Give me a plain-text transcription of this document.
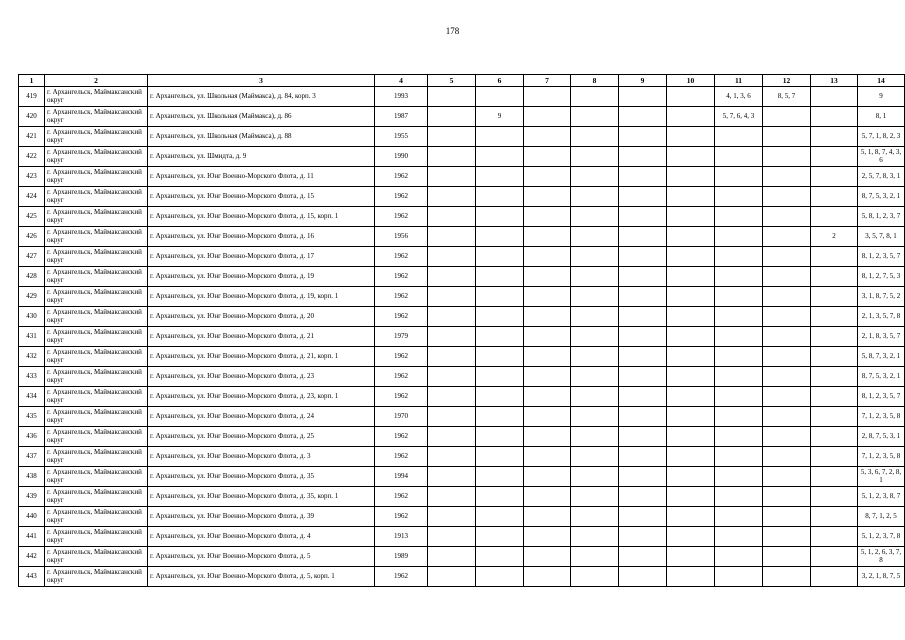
178
1	2	3	4	5	6	7	8	9	10	11	12	13	14
419	г. Архангельск, Маймаксанский округ	г. Архангельск, ул. Школьная (Маймакса), д. 84, корп. 3	1993							4, 1, 3, 6	8, 5, 7		9
420	г. Архангельск, Маймаксанский округ	г. Архангельск, ул. Школьная (Маймакса), д. 86	1987		9					5, 7, 6, 4, 3			8, 1
421	г. Архангельск, Маймаксанский округ	г. Архангельск, ул. Школьная (Маймакса), д. 88	1955										5, 7, 1, 8, 2, 3
422	г. Архангельск, Маймаксанский округ	г. Архангельск, ул. Шмидта, д. 9	1990										5, 1, 8, 7, 4, 3, 6
423	г. Архангельск, Маймаксанский округ	г. Архангельск, ул. Юнг Военно-Морского Флота, д. 11	1962										2, 5, 7, 8, 3, 1
424	г. Архангельск, Маймаксанский округ	г. Архангельск, ул. Юнг Военно-Морского Флота, д. 15	1962										8, 7, 5, 3, 2, 1
425	г. Архангельск, Маймаксанский округ	г. Архангельск, ул. Юнг Военно-Морского Флота, д. 15, корп. 1	1962										5, 8, 1, 2, 3, 7
426	г. Архангельск, Маймаксанский округ	г. Архангельск, ул. Юнг Военно-Морского Флота, д. 16	1956									2	3, 5, 7, 8, 1
427	г. Архангельск, Маймаксанский округ	г. Архангельск, ул. Юнг Военно-Морского Флота, д. 17	1962										8, 1, 2, 3, 5, 7
428	г. Архангельск, Маймаксанский округ	г. Архангельск, ул. Юнг Военно-Морского Флота, д. 19	1962										8, 1, 2, 7, 5, 3
429	г. Архангельск, Маймаксанский округ	г. Архангельск, ул. Юнг Военно-Морского Флота, д. 19, корп. 1	1962										3, 1, 8, 7, 5, 2
430	г. Архангельск, Маймаксанский округ	г. Архангельск, ул. Юнг Военно-Морского Флота, д. 20	1962										2, 1, 3, 5, 7, 8
431	г. Архангельск, Маймаксанский округ	г. Архангельск, ул. Юнг Военно-Морского Флота, д. 21	1979										2, 1, 8, 3, 5, 7
432	г. Архангельск, Маймаксанский округ	г. Архангельск, ул. Юнг Военно-Морского Флота, д. 21, корп. 1	1962										5, 8, 7, 3, 2, 1
433	г. Архангельск, Маймаксанский округ	г. Архангельск, ул. Юнг Военно-Морского Флота, д. 23	1962										8, 7, 5, 3, 2, 1
434	г. Архангельск, Маймаксанский округ	г. Архангельск, ул. Юнг Военно-Морского Флота, д. 23, корп. 1	1962										8, 1, 2, 3, 5, 7
435	г. Архангельск, Маймаксанский округ	г. Архангельск, ул. Юнг Военно-Морского Флота, д. 24	1970										7, 1, 2, 3, 5, 8
436	г. Архангельск, Маймаксанский округ	г. Архангельск, ул. Юнг Военно-Морского Флота, д. 25	1962										2, 8, 7, 5, 3, 1
437	г. Архангельск, Маймаксанский округ	г. Архангельск, ул. Юнг Военно-Морского Флота, д. 3	1962										7, 1, 2, 3, 5, 8
438	г. Архангельск, Маймаксанский округ	г. Архангельск, ул. Юнг Военно-Морского Флота, д. 35	1994										5, 3, 6, 7, 2, 8, 1
439	г. Архангельск, Маймаксанский округ	г. Архангельск, ул. Юнг Военно-Морского Флота, д. 35, корп. 1	1962										5, 1, 2, 3, 8, 7
440	г. Архангельск, Маймаксанский округ	г. Архангельск, ул. Юнг Военно-Морского Флота, д. 39	1962										8, 7, 1, 2, 5
441	г. Архангельск, Маймаксанский округ	г. Архангельск, ул. Юнг Военно-Морского Флота, д. 4	1913										5, 1, 2, 3, 7, 8
442	г. Архангельск, Маймаксанский округ	г. Архангельск, ул. Юнг Военно-Морского Флота, д. 5	1989										5, 1, 2, 6, 3, 7, 8
443	г. Архангельск, Маймаксанский округ	г. Архангельск, ул. Юнг Военно-Морского Флота, д. 5, корп. 1	1962										3, 2, 1, 8, 7, 5
